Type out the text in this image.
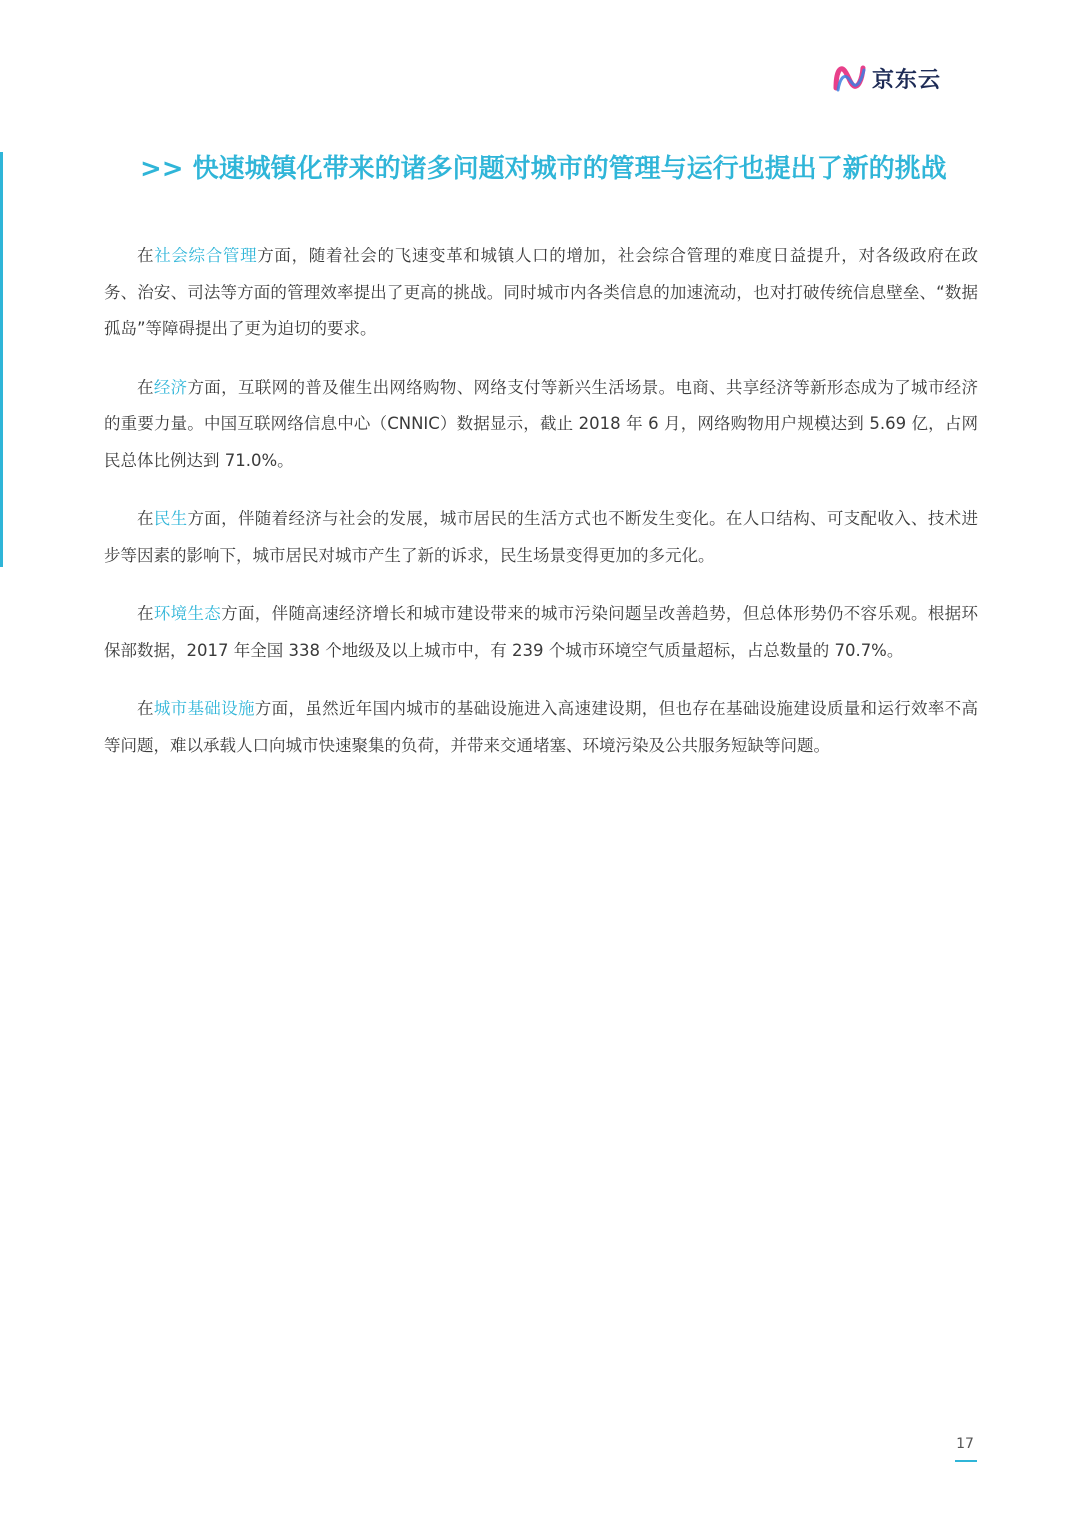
京东云
>> 快速城镇化带来的诸多问题对城市的管理与运行也提出了新的挑战

在社会综合管理方面，随着社会的飞速变革和城镇人口的增加，社会综合管理的难度日益提升，对各级政府在政务、治安、司法等方面的管理效率提出了更高的挑战。同时城市内各类信息的加速流动，也对打破传统信息壁垒、“数据孤岛”等障碍提出了更为迫切的要求。

在经济方面，互联网的普及催生出网络购物、网络支付等新兴生活场景。电商、共享经济等新形态成为了城市经济的重要力量。中国互联网络信息中心（CNNIC）数据显示，截止 2018 年 6 月，网络购物用户规模达到 5.69 亿，占网民总体比例达到 71.0%。

在民生方面，伴随着经济与社会的发展，城市居民的生活方式也不断发生变化。在人口结构、可支配收入、技术进步等因素的影响下，城市居民对城市产生了新的诉求，民生场景变得更加的多元化。

在环境生态方面，伴随高速经济增长和城市建设带来的城市污染问题呈改善趋势，但总体形势仍不容乐观。根据环保部数据，2017 年全国 338 个地级及以上城市中，有 239 个城市环境空气质量超标，占总数量的 70.7%。

在城市基础设施方面，虽然近年国内城市的基础设施进入高速建设期，但也存在基础设施建设质量和运行效率不高等问题，难以承载人口向城市快速聚集的负荷，并带来交通堵塞、环境污染及公共服务短缺等问题。

17
